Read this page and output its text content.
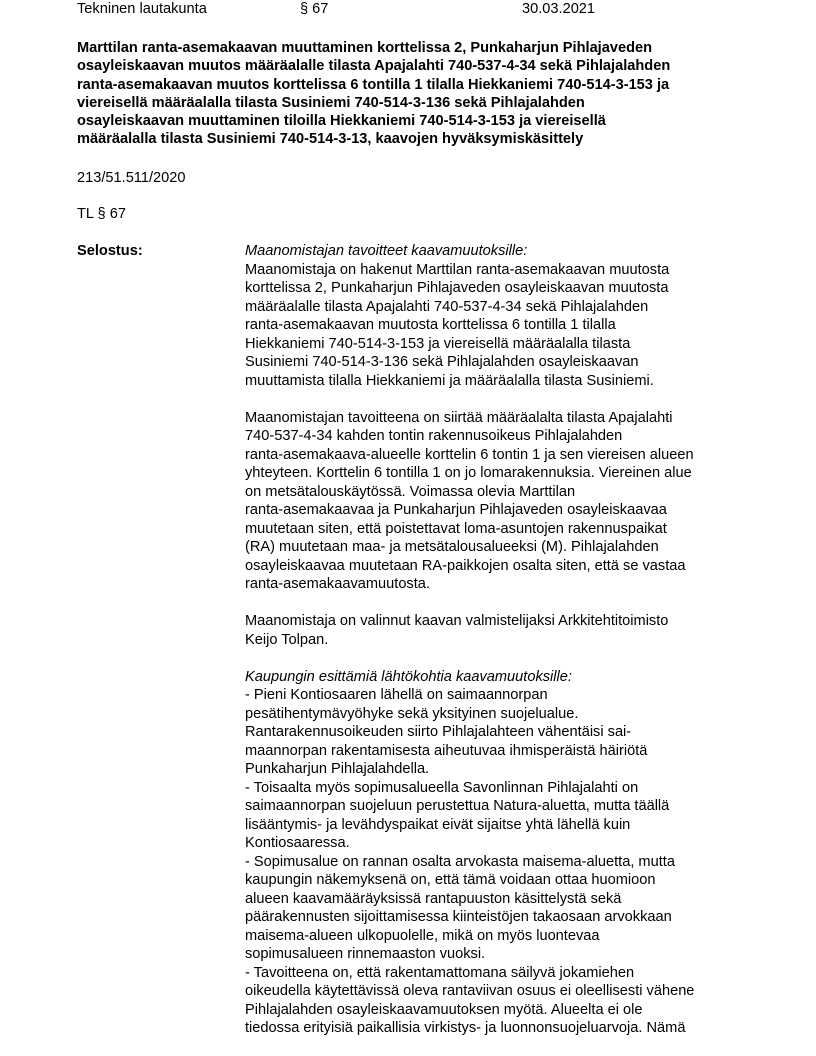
Tekninen lautakunta	§ 67	30.03.2021
Marttilan ranta-asemakaavan muuttaminen korttelissa 2, Punkaharjun Pihlajaveden
osayleiskaavan muutos määräalalle tilasta Apajalahti 740-537-4-34 sekä Pihlajalahden
ranta-asemakaavan muutos korttelissa 6 tontilla 1 tilalla Hiekkaniemi 740-514-3-153 ja
viereisellä määräalalla tilasta Susiniemi 740-514-3-136 sekä Pihlajalahden
osayleiskaavan muuttaminen tiloilla Hiekkaniemi 740-514-3-153 ja viereisellä
määräalalla tilasta Susiniemi 740-514-3-13, kaavojen hyväksymiskäsittely
213/51.511/2020
TL § 67
Selostus:	Maanomistajan tavoitteet kaavamuutoksille:
Maanomistaja on hakenut Marttilan ranta-asemakaavan muutosta
korttelissa 2, Punkaharjun Pihlajaveden osayleiskaavan muutosta
määräalalle tilasta Apajalahti 740-537-4-34 sekä Pihlajalahden
ranta-asemakaavan muutosta korttelissa 6 tontilla 1 tilalla
Hiekkaniemi 740-514-3-153 ja viereisellä määräalalla tilasta
Susiniemi 740-514-3-136 sekä Pihlajalahden osayleiskaavan
muuttamista tilalla Hiekkaniemi ja määräalalla tilasta Susiniemi.
Maanomistajan tavoitteena on siirtää määräalalta tilasta Apajalahti
740-537-4-34 kahden tontin rakennusoikeus Pihlajalahden
ranta-asemakaava-alueelle korttelin 6 tontin 1 ja sen viereisen alueen
yhteyteen. Korttelin 6 tontilla 1 on jo lomarakennuksia. Viereinen alue
on metsätalouskäytössä. Voimassa olevia Marttilan
ranta-asemakaavaa ja Punkaharjun Pihlajaveden osayleiskaavaa
muutetaan siten, että poistettavat loma-asuntojen rakennuspaikat
(RA) muutetaan maa- ja metsätalousalueeksi (M). Pihlajalahden
osayleiskaavaa muutetaan RA-paikkojen osalta siten, että se vastaa
ranta-asemakaavamuutosta.
Maanomistaja on valinnut kaavan valmistelijaksi Arkkitehtitoimisto
Keijo Tolpan.
Kaupungin esittämiä lähtökohtia kaavamuutoksille:
- Pieni Kontiosaaren lähellä on saimaannorpan
pesätihentymävyöhyke sekä yksityinen suojelualue.
Rantarakennusoikeuden siirto Pihlajalahteen vähentäisi sai-
maannorpan rakentamisesta aiheutuvaa ihmisperäistä häiriötä
Punkaharjun Pihlajalahdella.
- Toisaalta myös sopimusalueella Savonlinnan Pihlajalahti on
saimaannorpan suojeluun perustettua Natura-aluetta, mutta täällä
lisääntymis- ja levähdyspaikat eivät sijaitse yhtä lähellä kuin
Kontiosaaressa.
- Sopimusalue on rannan osalta arvokasta maisema-aluetta, mutta
kaupungin näkemyksenä on, että tämä voidaan ottaa huomioon
alueen kaavamääräyksissä rantapuuston käsittelystä sekä
päärakennusten sijoittamisessa kiinteistöjen takaosaan arvokkaan
maisema-alueen ulkopuolelle, mikä on myös luontevaa
sopimusalueen rinnemaaston vuoksi.
- Tavoitteena on, että rakentamattomana säilyvä jokamiehen
oikeudella käytettävissä oleva rantaviivan osuus ei oleellisesti vähene
Pihlajalahden osayleiskaavamuutoksen myötä. Alueelta ei ole
tiedossa erityisiä paikallisia virkistys- ja luonnonsuojeluarvoja. Nämä
